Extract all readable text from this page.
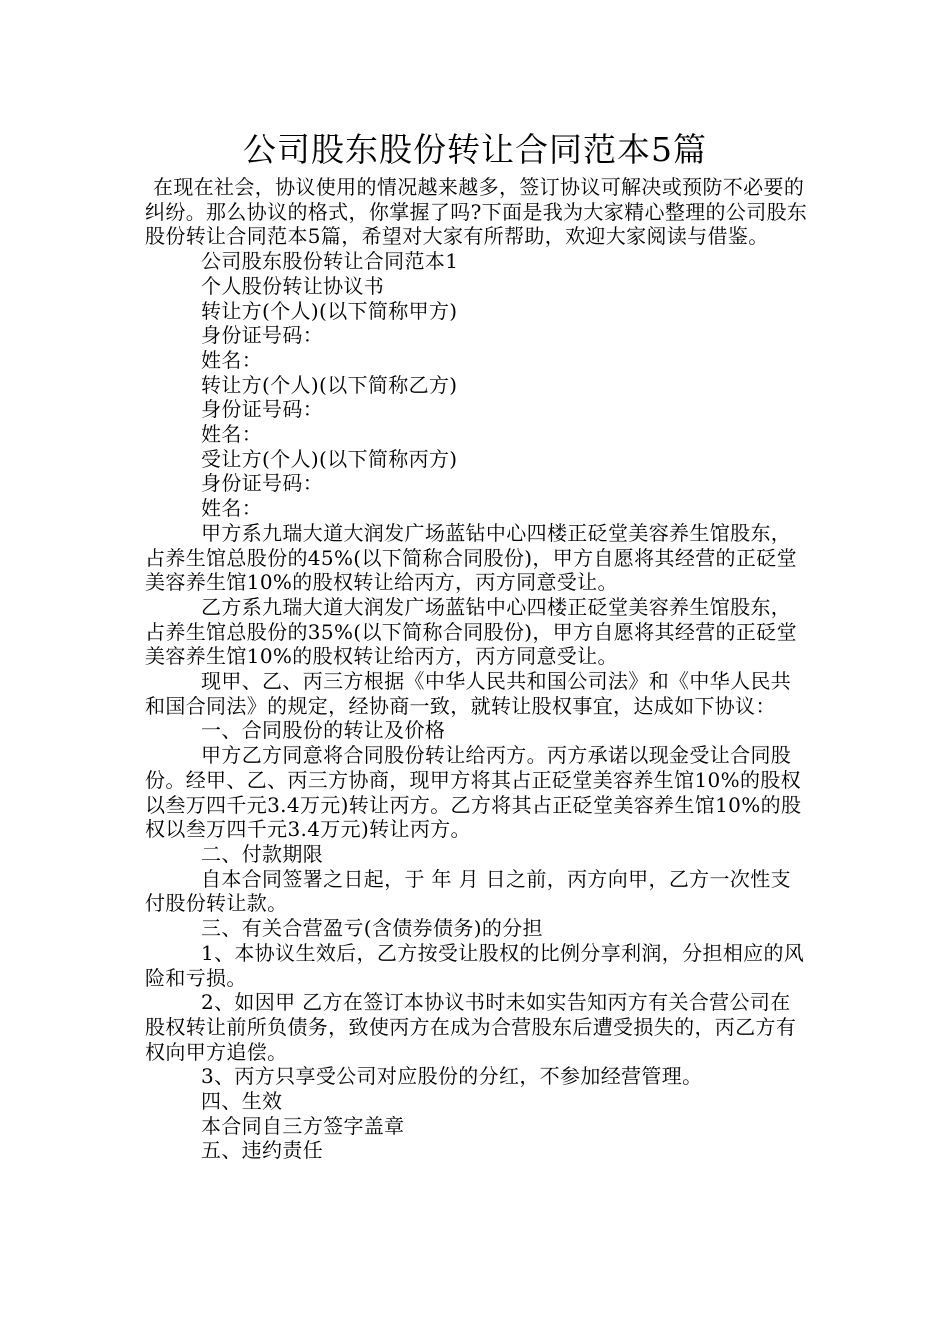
公司股东股份转让合同范本5篇

在现在社会，协议使用的情况越来越多，签订协议可解决或预防不必要的纠纷。那么协议的格式，你掌握了吗?下面是我为大家精心整理的公司股东股份转让合同范本5篇，希望对大家有所帮助，欢迎大家阅读与借鉴。

公司股东股份转让合同范本1

个人股份转让协议书

转让方(个人)(以下简称甲方)

身份证号码：

姓名：

转让方(个人)(以下简称乙方)

身份证号码：

姓名：

受让方(个人)(以下简称丙方)

身份证号码：

姓名：

甲方系九瑞大道大润发广场蓝钻中心四楼正砭堂美容养生馆股东，占养生馆总股份的45%(以下简称合同股份)，甲方自愿将其经营的正砭堂美容养生馆10%的股权转让给丙方，丙方同意受让。

乙方系九瑞大道大润发广场蓝钻中心四楼正砭堂美容养生馆股东，占养生馆总股份的35%(以下简称合同股份)，甲方自愿将其经营的正砭堂美容养生馆10%的股权转让给丙方，丙方同意受让。

现甲、乙、丙三方根据《中华人民共和国公司法》和《中华人民共和国合同法》的规定，经协商一致，就转让股权事宜，达成如下协议：

一、合同股份的转让及价格

甲方乙方同意将合同股份转让给丙方。丙方承诺以现金受让合同股份。经甲、乙、丙三方协商，现甲方将其占正砭堂美容养生馆10%的股权以叁万四千元3.4万元)转让丙方。乙方将其占正砭堂美容养生馆10%的股权以叁万四千元3.4万元)转让丙方。

二、付款期限

自本合同签署之日起，于 年 月 日之前，丙方向甲，乙方一次性支付股份转让款。

三、有关合营盈亏(含债券债务)的分担

1、本协议生效后，乙方按受让股权的比例分享利润，分担相应的风险和亏损。

2、如因甲 乙方在签订本协议书时未如实告知丙方有关合营公司在股权转让前所负债务，致使丙方在成为合营股东后遭受损失的，丙乙方有权向甲方追偿。

3、丙方只享受公司对应股份的分红，不参加经营管理。

四、生效

本合同自三方签字盖章

五、违约责任
